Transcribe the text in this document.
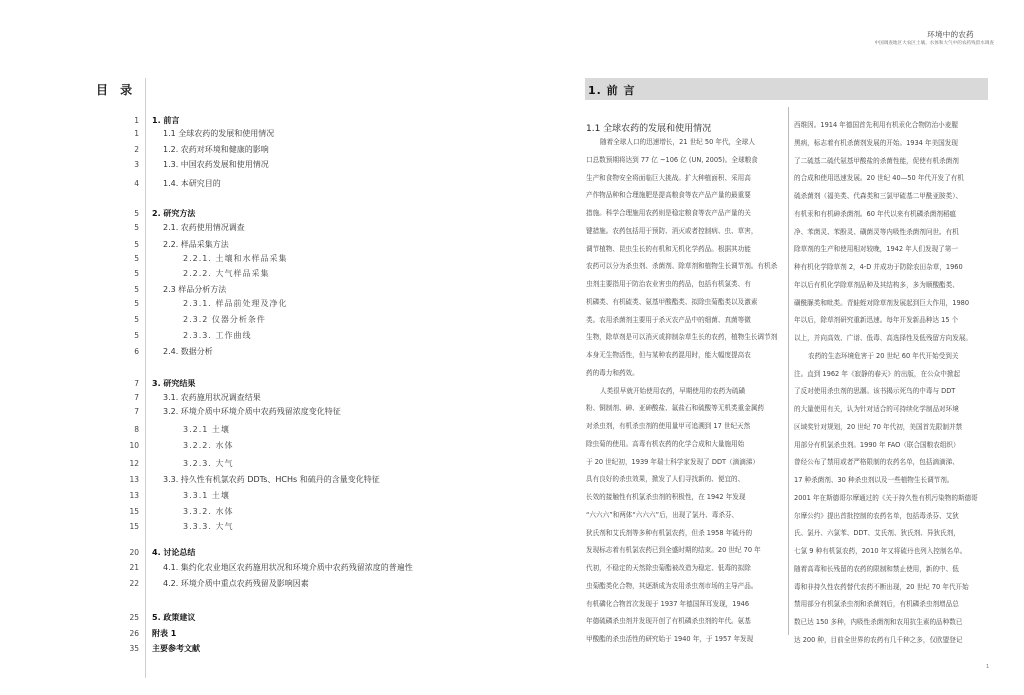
环境中的农药
中国调查地区大农区土壤、水体和大气中的农药残留水调查
目 录
1 1. 前言
1	1.1 全球农药的发展和使用情况
2	1.2. 农药对环境和健康的影响
3	1.3. 中国农药发展和使用情况
4	1.4. 本研究目的
5 2. 研究方法
5	2.1. 农药使用情况调查
5	2.2. 样品采集方法
5	2.2.1. 土壤和水样品采集
5	2.2.2. 大气样品采集
5	2.3 样品分析方法
5	2.3.1. 样品前处理及净化
5	2.3.2 仪器分析条件
5	2.3.3. 工作曲线
6	2.4. 数据分析
7 3. 研究结果
7	3.1. 农药施用状况调查结果
7	3.2. 环境介质中环境介质中农药残留浓度变化特征
8	3.2.1 土壤
10	3.2.2. 水体
12	3.2.3. 大气
13	3.3. 持久性有机氯农药 DDTs、HCHs 和硫丹的含量变化特征
13	3.3.1 土壤
15	3.3.2. 水体
15	3.3.3. 大气
20 4. 讨论总结
21	4.1. 集约化农业地区农药施用状况和环境介质中农药残留浓度的普遍性
22	4.2. 环境介质中重点农药残留及影响因素
25 5. 政策建议
26 附表 1
35 主要参考文献
1. 前 言
1.1 全球农药的发展和使用情况
随着全球人口的迅速增长，21 世纪 50 年代，全球人
口总数预期将达到 77 亿 ~106 亿 (UN, 2005)。全球粮食
生产和食物安全将面临巨大挑战。扩大种植面积、采用高
产作物品种和合理施肥是提高粮食等农产品产量的最重要
措施。科学合理施用农药则是稳定粮食等农产品产量的关
键措施。农药包括用于预防、消灭或者控制病、虫、草害，
调节植物、昆虫生长的有机和无机化学药品。根据其功能
农药可以分为杀虫剂、杀菌剂、除草剂和植物生长调节剂。有机杀
虫剂主要指用于防治农业害虫的药品，包括有机氯类、有
机磷类、有机硫类、氨基甲酸酯类、拟除虫菊酯类以及激素
类。农用杀菌剂主要用于杀灭农产品中的细菌、真菌等微
生物，除草剂是可以消灭或抑制杂草生长的农药，植物生长调节剂
本身无生物活性，但与某种农药混用时，能大幅度提高农
药的毒力和药效。
人类很早就开始使用农药，早期使用的农药为硫磺
粉、铜制剂、砷、亚砷酸盐、氟盐石和硫酸等无机类重金属药
对杀虫剂，有机杀虫剂的使用量甲可追溯到 17 世纪天然
除虫菊的使用。高毒有机农药的化学合成和大量施用始
于 20 世纪初，1939 年瑞士科学家发现了 DDT（滴滴涕）
具有良好的杀虫效果，掀发了人们寻找新的、便宜的、
长效的接触性有机氯杀虫剂的积极性，在 1942 年发现
“六六六”和两体“六六六”后，出现了氯丹、毒杀芬、
狄氏剂和艾氏剂等多种有机氯农药，但杀 1958 年硫丹的
发现标志着有机氯农药已到全盛时期的结束。20 世纪 70 年
代初，不稳定的天然除虫菊酯被改造为稳定、低毒的拟除
虫菊酯类化合物，其逐渐成为农用杀虫剂市场的主导产品。
有机磷化合物首次发现于 1937 年德国拜耳发现，1946
年德硫磷杀虫剂并发现开创了有机磷杀虫剂的年代。氨基
甲酸酯的杀虫活性的研究始于 1940 年，于 1957 年发现
西维因。1914 年德国首先利用有机汞化合物防治小麦腥
黑病，标志着有机杀菌剂发展的开始。1934 年美国发现
了二硫基二硫代氨基甲酸盐的杀菌性能，促使有机杀菌剂
的合成和使用迅速发展。20 世纪 40—50 年代开发了有机
硫杀菌剂（福美类、代森类和三氯甲硫基二甲酰亚胺类）、
有机汞和有机砷杀菌剂。60 年代以来有机磷杀菌剂稻瘟
净、苯菌灵、苯酚灵、磺菌灵等内吸性杀菌剂问世。有机
除草剂的生产和使用相对较晚，1942 年人们发现了第一
种有机化学除草剂 2，4-D 并成功于防除农田杂草，1960
年以后有机化学除草剂品种及其结构多，多为顺酸酯类、
磺酰脲类和吡类。青蛙蛭对除草剂发展起到巨大作用，1980
年以后，除草剂研究重新迅速。每年开发新品种达 15 个
以上，并向高效、广谱、低毒、高选择性及低残留方向发展。
农药的生态环境危害于 20 世纪 60 年代开始受到关
注。直到 1962 年《寂静的春天》的出版，在公众中掀起
了反对使用杀虫剂的思潮。该书揭示死鸟的中毒与 DDT
的大量使用有关，认为针对适合的可持续化学制品对环境
区域奖针对规划，20 世纪 70 年代初，美国首先限制并禁
用部分有机氯杀虫剂。1990 年 FAO（联合国粮农组织）
曾经公布了禁用或者严格限制的农药名单，包括滴滴涕、
17 种杀菌剂、30 种杀虫剂以及一些植物生长调节剂。
2001 年在斯德哥尔摩通过的《关于持久性有机污染物的斯德哥
尔摩公约》提出首批控制的农药名单，包括毒杀芬、艾狄
氏、氯丹、六氯苯、DDT、艾氏剂、狄氏剂、异狄氏剂，
七氯 9 种有机氯农药，2010 年又将硫丹也列入控制名单。
随着高毒和长残留的农药的限制和禁止使用，新的中、低
毒和非持久性农药替代农药不断出现，20 世纪 70 年代开始
禁用部分有机氯杀虫剂和杀菌剂后，有机磷杀虫剂增品总
数已达 150 多种，内吸性杀菌剂和农用抗生素的品种数已
达 200 种，目前全世界的农药有几千种之多，仅欧盟登记
1
